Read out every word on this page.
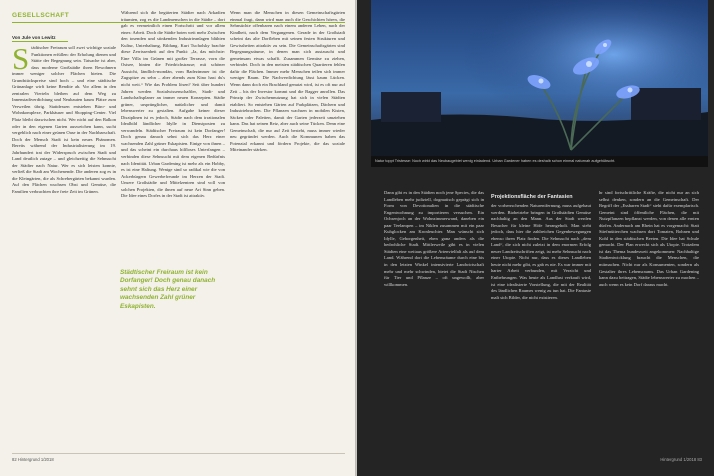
GESELLSCHAFT
Von Jule von Lewitz
S tädtischer Freiraum soll zwei wichtige soziale Funktionen erfüllen: der Erholung dienen und Stätte der Begegnung sein. Tatsache ist aber, dass moderne Großstädte ihren Bewohnern immer weniger solcher Flächen bieten. Die Grundstückspreise sind hoch – und eine städtische Grünanlage wirft keine Rendite ab. Vor allem in den zentralen Vierteln bleiben auf dem Weg zu Innenstadtverdichtung und Neubauten kaum Plätze zum Verweilen übrig. Stattdessen entstehen Büro- und Wohnkomplexe, Parkhäuser und Shopping-Center. Viel Platz bleibt dazwischen nicht. Wer nicht auf den Balkon oder in den eigenen Garten ausweichen kann, sucht vergeblich nach einer grünen Oase in der Nachbarschaft. Doch der Mensch Stadt ist kein neues Phänomen. Bereits während der Industrialisierung im 19. Jahrhundert trat der Widerspruch zwischen Stadt und Land deutlich zutage – und gleichzeitig die Sehnsucht der Städter nach Natur. Wer es sich leisten konnte, verließ die Stadt am Wochenende. Die anderen zog es in die Kleingärten, die als Schrebergärten bekannt wurden. Auf den Flächen wuchsen Obst und Gemüse, die Familien verbrachten ihre freie Zeit im Grünen.

Während sich die begüterten Städter nach Arkadien träumten, zog es die Landmenschen in die Städte – dort gab es vermeintlich einen Fortschritt und vor allem eines: Arbeit. Doch die Städte boten weit mehr Zwischen den tosenden und stinkenden Industrieanlagen blühten Kultur, Unterhaltung, Bildung. Kurt Tucholsky brachte diese Zerrissenheit auf den Punkt: „Ja, das möchste: Eine Villa im Grünen mit großer Terrasse, vorn die Ostsee, hinten die Friedrichstrasse; mit schöner Aussicht, ländlich-mondän, vom Badezimmer ist die Zugspitze zu sehn – aber abends zum Kino hast du's nicht weit.“ Wie das Problem lösen? Seit über hundert Jahren werden Sozialwissenschaftler, Stadt- und Landschaftsplaner an immer neuen Konzepten. Städte grüner, ursprünglicher, natürlicher und damit lebenswerter zu gestalten. Aufgabe keiner dieser Disziplinen ist es jedoch, Städte nach dem irrationalen Idealbild ländlicher Idylle in Dienstposten zu verwandeln. Städtischer Freiraum ist kein Dorfanger! Doch genau danach sehnt sich das Herz einer wachsenden Zahl grüner Eskapisten. Einige von ihnen – und das scheint ein durchaus hilfloses Unterfangen – verbinden diese Sehnsucht mit dem eigenen Bedürfnis nach Identität. Urban Gardening ist mehr als ein Hobby, es ist eine Haltung. Wenige sind so radikal wie die von Ackerbürgern Gewerbefreunde im Herzen der Stadt. Unsere Großstädte und Mittelzentren sind voll von solchen Projekten, die ihnen auf neue Art Sinn geben. Die Idee eines Dorfes in der Stadt ist attraktiv.

Wenn man die Menschen in diesen Gemeinschaftsgärten einmal fragt, dann wird man auch die Geschichten hören, die Sehnsüchte offenbaren nach einem anderen Leben, nach der Kindheit, nach dem Vergangenen. Gerade in der Großstadt scheint das alte Dorfleben mit seinen festen Strukturen und Gewissheiten attraktiv zu sein. Die Gemeinschaftsgärten sind Begegnungsräume, in denen man sich austauscht und gemeinsam etwas schafft. Zusammen Gemüse zu ziehen, verbindet. Doch in den meisten städtischen Quartieren fehlen dafür die Flächen. Immer mehr Menschen teilen sich immer weniger Raum. Die Nachverdichtung lässt kaum Lücken. Wenn dann doch ein Brachland genutzt wird, ist es oft nur auf Zeit – bis der Investor kommt und die Bagger anrollen. Das Prinzip der Zwischennutzung hat sich in vielen Städten etabliert. So entstehen Gärten auf Parkplätzen, Dächern und Industriebrachen. Die Pflanzen wachsen in mobilen Kisten, Säcken oder Paletten, damit der Garten jederzeit umziehen kann. Das hat seinen Reiz, aber auch seine Tücken. Denn eine Gemeinschaft, die nur auf Zeit besteht, muss immer wieder neu gegründet werden. Auch die Kommunen haben das Potenzial erkannt und fördern Projekte, die das soziale Miteinander stärken.

Städtischer Freiraum ist kein Dorfanger! Doch genau danach sehnt sich das Herz einer wachsenden Zahl grüner Eskapisten.
82 Hintergrund 1/2018
Natur toppt Tristesse: Noch wirkt das Neubaugebiet wenig einladend. Urban Gardener haben es deshalb schon einmal naturnah aufgehübscht.

Dann gibt es in den Städten noch jene Species, die das Landleben mehr judiziell, dogmatisch geprägt sich in Form von Devotionalien in die städtische Engentwohnung zu importieren versuchen. Ein Ochsenjoch an der Wohnzimmerwand, daneben ein paar Teelampen – im Niklen zusammen mit ein paar Kuhglocken am Kronleuchter. Man wünscht sich Idylle, Geborgenheit, eben ganz anders als die bedrohliche Stadt. Mittlerweile gibt es in vielen Städten eine weitaus größere Artenvielfalt als auf dem Land. Während dort die Lebensräume durch eine bis in den letzten Winkel intensivierte Landwirtschaft mehr und mehr schwinden, bietet die Stadt Nischen für Tier und Pflanze – oft ungewollt, aber willkommen.

Projektionsfläche der Fantasien

der vorherrschenden Naturentfernung, muss aufgebaut werden. Biobetriebe bringen in Großstädten Gemüse nachhaltig an den Mann. Aus der Stadt werden Besucher für kleine Höfe herangeholt. Man sieht jedoch, dass hier die zahlreichen Gegenbewegungen ebenso ihren Platz finden. Die Sehnsucht nach „dem Land“, die sich nicht zuletzt in dem enormen Erfolg neuer Landzeitschriften zeigt, ist mehr Sehnsucht nach einer Utopie. Nicht nur, dass es dieses Landleben heute nicht mehr gibt, es gab es nie. Es war immer mit harter Arbeit verbunden, mit Verzicht und Entbehrungen. Was heute als Landlust verkauft wird, ist eine idealisierte Vorstellung, die mit der Realität des ländlichen Raumes wenig zu tun hat. Die Fantasie malt sich Bilder, die nicht existieren.

hr sind fortschrittliche Kräfte, die nicht nur an sich selbst denken, sondern an die Gemeinschaft. Der Begriff der „Essbaren Stadt“ steht dafür exemplarisch. Gemeint sind öffentliche Flächen, die mit Nutzpflanzen bepflanzt werden, von denen alle ernten dürfen. Andernach am Rhein hat es vorgemacht: Statt Stiefmütterchen wachsen dort Tomaten, Bohnen und Kohl in den städtischen Beeten. Die Idee hat Schule gemacht. Der Plan erweckt sich als Utopie. Trotzdem ist das Thema bundesweit angekommen: Nachhaltige Stadtentwicklung braucht die Menschen, die mitmachen. Nicht nur als Konsumenten, sondern als Gestalter ihres Lebensraums. Das Urban Gardening kann dazu beitragen, Städte lebenswerter zu machen – auch wenn es kein Dorf daraus macht.

Hintergrund 1/2018 83
